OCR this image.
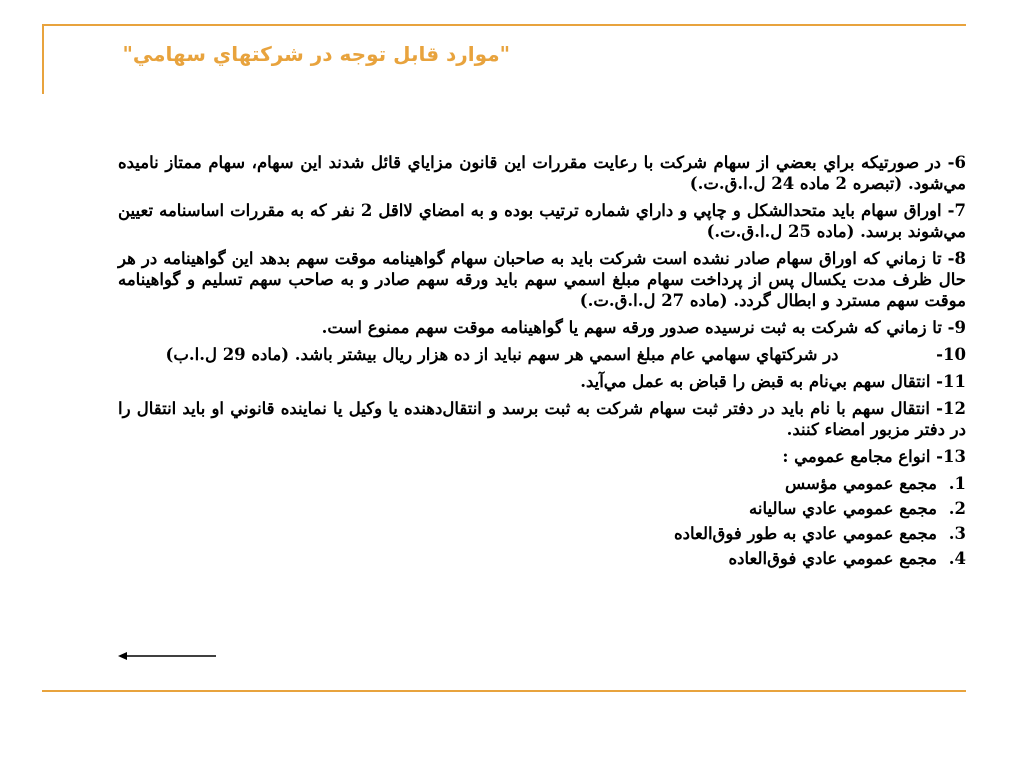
"موارد قابل توجه در شركتهاي سهامي"

6- در صورتيكه براي بعضي از سهام شركت با رعايت مقررات اين قانون مزاياي قائل شدند اين سهام، سهام ممتاز ناميده مي‌شود. (تبصره 2 ماده 24 ل.ا.ق.ت.)

7- اوراق سهام بايد متحدالشكل و چاپي و داراي شماره ترتيب بوده و به امضاي لااقل 2 نفر كه به مقررات اساسنامه تعيين مي‌شوند برسد. (ماده 25 ل.ا.ق.ت.)

8- تا زماني كه اوراق سهام صادر نشده است شركت بايد به صاحبان سهام گواهينامه موقت سهم بدهد اين گواهينامه در هر حال ظرف مدت يكسال پس از پرداخت سهام مبلغ اسمي سهم بايد ورقه سهم صادر و به صاحب سهم تسليم و گواهينامه موقت سهم مسترد و ابطال گردد. (ماده 27 ل.ا.ق.ت.)

9- تا زماني كه شركت به ثبت نرسيده صدور ورقه سهم يا گواهينامه موقت سهم ممنوع است.

10-                 در شركتهاي سهامي عام مبلغ اسمي هر سهم نبايد از ده هزار ريال بيشتر باشد. (ماده 29 ل.ا.ب)

11- انتقال سهم بي‌نام به قبض را قباض به عمل مي‌آيد.

12- انتقال سهم با نام بايد در دفتر ثبت سهام شركت به ثبت برسد و انتقال‌دهنده يا وكيل يا نماينده قانوني او بايد انتقال را در دفتر مزبور امضاء كنند.

13- انواع مجامع عمومي :

1. مجمع عمومي مؤسس
2. مجمع عمومي عادي ساليانه
3. مجمع عمومي عادي به طور فوق‌العاده
4. مجمع عمومي عادي فوق‌العاده
